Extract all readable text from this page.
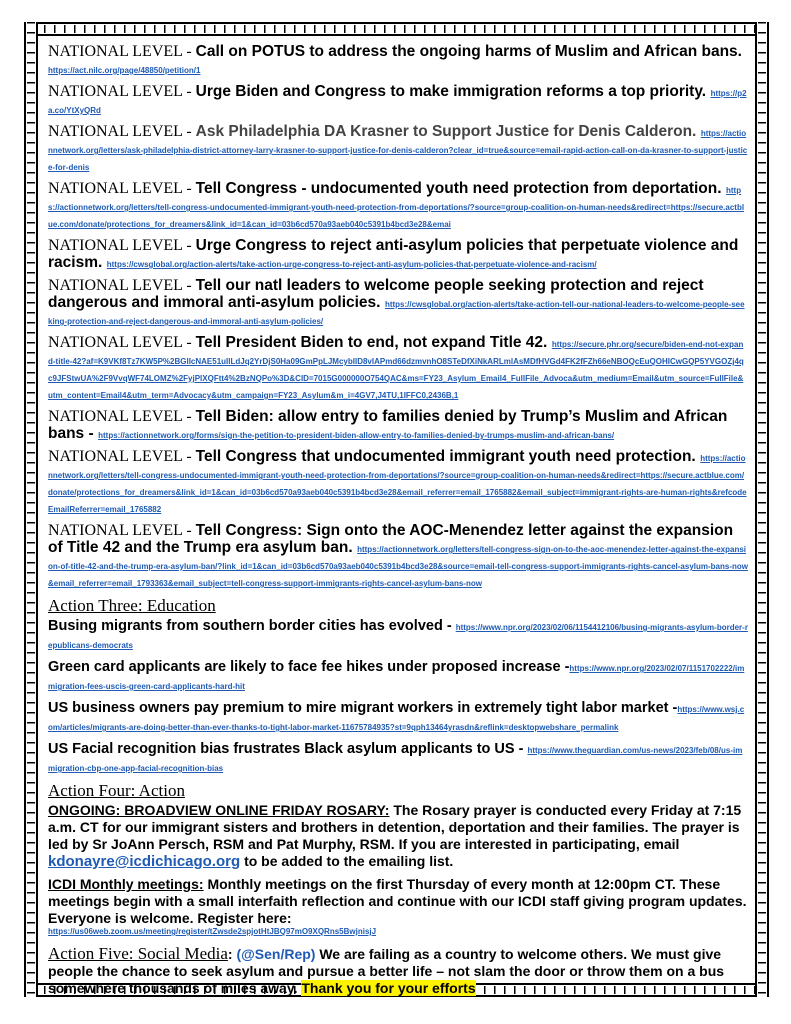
NATIONAL LEVEL - Call on POTUS to address the ongoing harms of Muslim and African bans. https://act.nilc.org/page/48850/petition/1
NATIONAL LEVEL - Urge Biden and Congress to make immigration reforms a top priority. https://p2a.co/YtXyQRd
NATIONAL LEVEL - Ask Philadelphia DA Krasner to Support Justice for Denis Calderon. https://actionnetwork.org/letters/ask-philadelphia-district-attorney-larry-krasner-to-support-justice-for-denis-calderon?clear_id=true&source=email-rapid-action-call-on-da-krasner-to-support-justice-for-denis
NATIONAL LEVEL - Tell Congress - undocumented youth need protection from deportation. https://actionnetwork.org/letters/tell-congress-undocumented-immigrant-youth-need-protection-from-deportations/?source=group-coalition-on-human-needs&redirect=https://secure.actblue.com/donate/protections_for_dreamers&link_id=1&can_id=03b6cd570a93aeb040c5391b4bcd3e28&emai
NATIONAL LEVEL - Urge Congress to reject anti-asylum policies that perpetuate violence and racism. https://cwsglobal.org/action-alerts/take-action-urge-congress-to-reject-anti-asylum-policies-that-perpetuate-violence-and-racism/
NATIONAL LEVEL - Tell our natl leaders to welcome people seeking protection and reject dangerous and immoral anti-asylum policies. https://cwsglobal.org/action-alerts/take-action-tell-our-national-leaders-to-welcome-people-seeking-protection-and-reject-dangerous-and-immoral-anti-asylum-policies/
NATIONAL LEVEL - Tell President Biden to end, not expand Title 42. https://secure.phr.org/secure/biden-end-not-expand-title-42?af=K9VKf8Tz7KW5P%2BGlIcNAE51uIlLdJq2YrDjS0Ha09GmPpLJMcybIlD8vIAPmd66dzmvnhO8STeDfXiNkARLmlAsMDfHVGd4FK2fFZh66eNBOQcEuQOHICwGQP5YVGOZj4qc9JFStwUA%2F9VvqWF74LOMZ%2FyjPlXQFtt4%2BzNQPo%3D&CID=7015G000000O754QAC&ms=FY23_Asylum_Email4_FullFile_Advoca&utm_medium=Email&utm_source=FullFile&utm_content=Email4&utm_term=Advocacy&utm_campaign=FY23_Asylum&m_i=4GV7,J4TU,1IFFC0,2436B,1
NATIONAL LEVEL - Tell Biden: allow entry to families denied by Trump’s Muslim and African bans - https://actionnetwork.org/forms/sign-the-petition-to-president-biden-allow-entry-to-families-denied-by-trumps-muslim-and-african-bans/
NATIONAL LEVEL - Tell Congress that undocumented immigrant youth need protection. https://actionnetwork.org/letters/tell-congress-undocumented-immigrant-youth-need-protection-from-deportations/?source=group-coalition-on-human-needs&redirect=https://secure.actblue.com/donate/protections_for_dreamers&link_id=1&can_id=03b6cd570a93aeb040c5391b4bcd3e28&email_referrer=email_1765882&email_subject=immigrant-rights-are-human-rights&refcodeEmailReferrer=email_1765882
NATIONAL LEVEL - Tell Congress: Sign onto the AOC-Menendez letter against the expansion of Title 42 and the Trump era asylum ban. https://actionnetwork.org/letters/tell-congress-sign-on-to-the-aoc-menendez-letter-against-the-expansion-of-title-42-and-the-trump-era-asylum-ban/?link_id=1&can_id=03b6cd570a93aeb040c5391b4bcd3e28&source=email-tell-congress-support-immigrants-rights-cancel-asylum-bans-now&email_referrer=email_1793363&email_subject=tell-congress-support-immigrants-rights-cancel-asylum-bans-now
Action Three: Education
Busing migrants from southern border cities has evolved - https://www.npr.org/2023/02/06/1154412106/busing-migrants-asylum-border-republicans-democrats
Green card applicants are likely to face fee hikes under proposed increase -https://www.npr.org/2023/02/07/1151702222/immigration-fees-uscis-green-card-applicants-hard-hit
US business owners pay premium to mire migrant workers in extremely tight labor market -https://www.wsj.com/articles/migrants-are-doing-better-than-ever-thanks-to-tight-labor-market-11675784935?st=9qph13464yrasdn&reflink=desktopwebshare_permalink
US Facial recognition bias frustrates Black asylum applicants to US - https://www.theguardian.com/us-news/2023/feb/08/us-immigration-cbp-one-app-facial-recognition-bias
Action Four: Action
ONGOING: BROADVIEW ONLINE FRIDAY ROSARY: The Rosary prayer is conducted every Friday at 7:15 a.m. CT for our immigrant sisters and brothers in detention, deportation and their families. The prayer is led by Sr JoAnn Persch, RSM and Pat Murphy, RSM. If you are interested in participating, email kdonayre@icdichicago.org to be added to the emailing list.
ICDI Monthly meetings: Monthly meetings on the first Thursday of every month at 12:00pm CT. These meetings begin with a small interfaith reflection and continue with our ICDI staff giving program updates. Everyone is welcome. Register here:
https://us06web.zoom.us/meeting/register/tZwsde2spjotHtJBQ97mO9XQRns5BwjnisjJ
Action Five: Social Media: (@Sen/Rep) We are failing as a country to welcome others. We must give people the chance to seek asylum and pursue a better life – not slam the door or throw them on a bus somewhere thousands of miles away. Thank you for your efforts
